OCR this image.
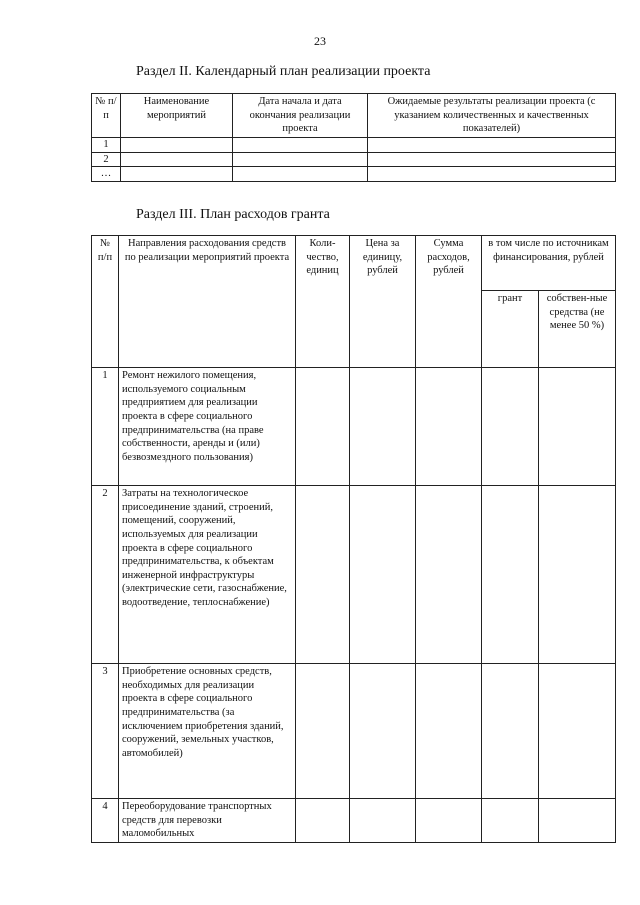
23
Раздел II. Календарный план реализации проекта
№ п/п	Наименование мероприятий	Дата начала и дата окончания реализации проекта	Ожидаемые результаты реализации проекта (с указанием количественных и качественных показателей)
1			
2			
…			
Раздел III. План расходов гранта
№ п/п	Направления расходования средств по реализации мероприятий проекта	Коли-чество, единиц	Цена за единицу, рублей	Сумма расходов, рублей	в том числе по источникам финансирования, рублей	
					грант	собствен-ные средства (не менее 50 %)
1	Ремонт нежилого помещения, используемого социальным предприятием для реализации проекта в сфере социального предпринимательства (на праве собственности, аренды и (или) безвозмездного пользования)					
2	Затраты на технологическое присоединение зданий, строений, помещений, сооружений, используемых для реализации проекта в сфере социального предпринимательства, к объектам инженерной инфраструктуры (электрические сети, газоснабжение, водоотведение, теплоснабжение)					
3	Приобретение основных средств, необходимых для реализации проекта в сфере социального предпринимательства (за исключением приобретения зданий, сооружений, земельных участков, автомобилей)					
4	Переоборудование транспортных средств для перевозки маломобильных					
